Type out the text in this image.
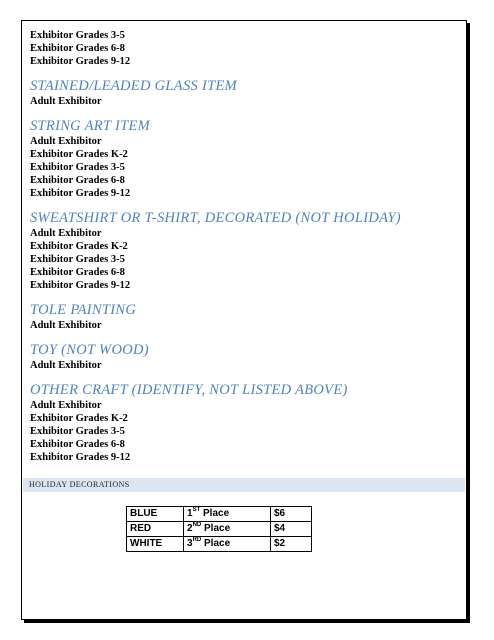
Exhibitor Grades 3-5
Exhibitor Grades 6-8
Exhibitor Grades 9-12
STAINED/LEADED GLASS ITEM
Adult Exhibitor
STRING ART ITEM
Adult Exhibitor
Exhibitor Grades K-2
Exhibitor Grades 3-5
Exhibitor Grades 6-8
Exhibitor Grades 9-12
SWEATSHIRT OR T-SHIRT, DECORATED (NOT HOLIDAY)
Adult Exhibitor
Exhibitor Grades K-2
Exhibitor Grades 3-5
Exhibitor Grades 6-8
Exhibitor Grades 9-12
TOLE PAINTING
Adult Exhibitor
TOY (NOT WOOD)
Adult Exhibitor
OTHER CRAFT (IDENTIFY, NOT LISTED ABOVE)
Adult Exhibitor
Exhibitor Grades K-2
Exhibitor Grades 3-5
Exhibitor Grades 6-8
Exhibitor Grades 9-12
HOLIDAY DECORATIONS
BLUE	1ST Place	$6
RED	2ND Place	$4
WHITE	3RD Place	$2
